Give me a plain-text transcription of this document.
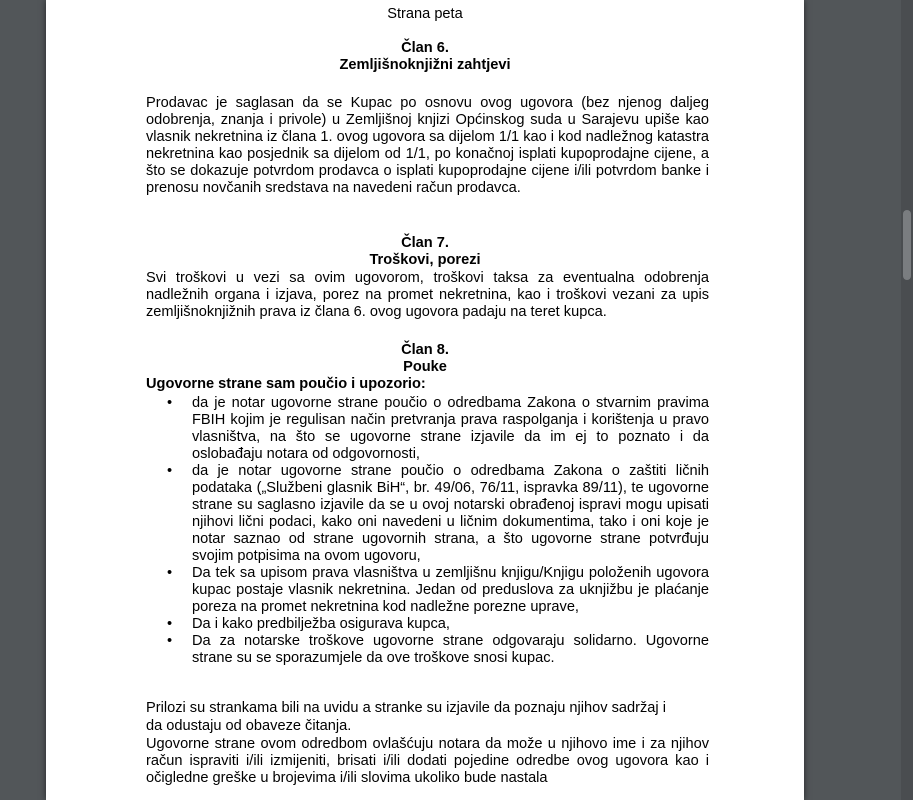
Strana peta
Član 6.
Zemljišnoknjižni zahtjevi

Prodavac je saglasan da se Kupac po osnovu ovog ugovora (bez njenog daljeg odobrenja, znanja i privole) u Zemljišnoj knjizi Općinskog suda u Sarajevu upiše kao vlasnik nekretnina iz člana 1. ovog ugovora sa dijelom 1/1 kao i kod nadležnog katastra nekretnina kao posjednik sa dijelom od 1/1, po konačnoj isplati kupoprodajne cijene, a što se dokazuje potvrdom prodavca o isplati kupoprodajne cijene i/ili potvrdom banke i prenosu novčanih sredstava na navedeni račun prodavca.

Član 7.
Troškovi, porezi

Svi troškovi u vezi sa ovim ugovorom, troškovi taksa za eventualna odobrenja nadležnih organa i izjava, porez na promet nekretnina, kao i troškovi vezani za upis zemljišnoknjižnih prava iz člana 6. ovog ugovora padaju na teret kupca.

Član 8.
Pouke
Ugovorne strane sam poučio i upozorio:
• da je notar ugovorne strane poučio o odredbama Zakona o stvarnim pravima FBIH kojim je regulisan način pretvranja prava raspolganja i korištenja u pravo vlasništva, na što se ugovorne strane izjavile da im ej to poznato i da oslobađaju notara od odgovornosti,
• da je notar ugovorne strane poučio o odredbama Zakona o zaštiti ličnih podataka („Službeni glasnik BiH“, br. 49/06, 76/11, ispravka 89/11), te ugovorne strane su saglasno izjavile da se u ovoj notarski obrađenoj ispravi mogu upisati njihovi lični podaci, kako oni navedeni u ličnim dokumentima, tako i oni koje je notar saznao od strane ugovornih strana, a što ugovorne strane potvrđuju svojim potpisima na ovom ugovoru,
• Da tek sa upisom prava vlasništva u zemljišnu knjigu/Knjigu položenih ugovora kupac postaje vlasnik nekretnina. Jedan od preduslova za uknjižbu je plaćanje poreza na promet nekretnina kod nadležne porezne uprave,
• Da i kako predbilježba osigurava kupca,
• Da za notarske troškove ugovorne strane odgovaraju solidarno. Ugovorne strane su se sporazumjele da ove troškove snosi kupac.
Prilozi su strankama bili na uvidu a stranke su izjavile da poznaju njihov sadržaj i
da odustaju od obaveze čitanja.

Ugovorne strane ovom odredbom ovlašćuju notara da može u njihovo ime i za njihov račun ispraviti i/ili izmijeniti, brisati i/ili dodati pojedine odredbe ovog ugovora kao i očigledne greške u brojevima i/ili slovima ukoliko bude nastala
